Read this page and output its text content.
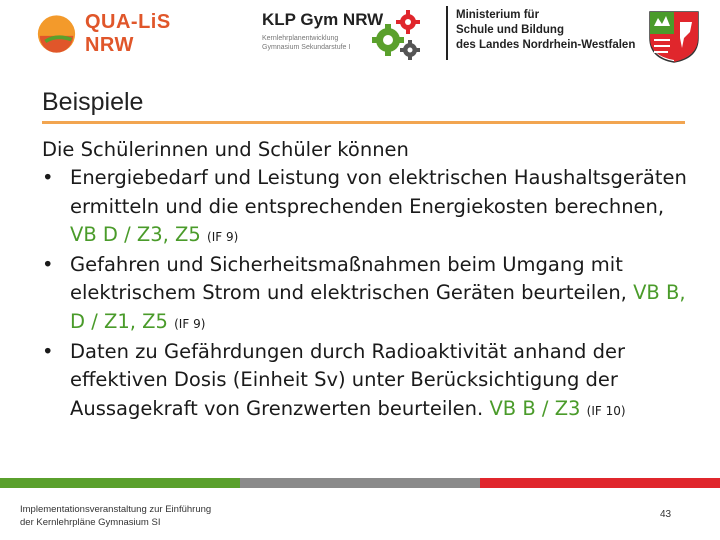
QUA-LiS NRW
KLP Gym NRW
Kernlehrplanentwicklung
Gymnasium Sekundarstufe I
Ministerium für
Schule und Bildung
des Landes Nordrhein-Westfalen
Beispiele

Die Schülerinnen und Schüler können

• Energiebedarf und Leistung von elektrischen Haushaltsgeräten ermitteln und die entsprechenden Energiekosten berechnen, VB D / Z3, Z5 (IF 9)
• Gefahren und Sicherheitsmaßnahmen beim Umgang mit elektrischem Strom und elektrischen Geräten beurteilen, VB B, D / Z1, Z5 (IF 9)
• Daten zu Gefährdungen durch Radioaktivität anhand der effektiven Dosis (Einheit Sv) unter Berücksichtigung der Aussagekraft von Grenzwerten beurteilen. VB B / Z3 (IF 10)
Implementationsveranstaltung zur Einführung
der Kernlehrpläne Gymnasium SI
43
